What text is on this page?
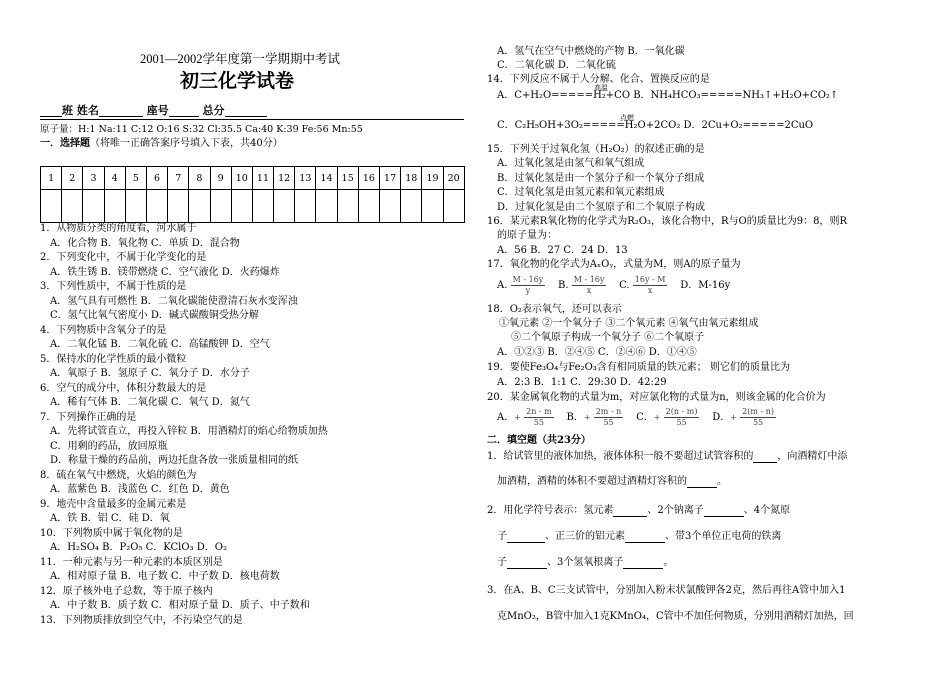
2001—2002学年度第一学期期中考试
初三化学试卷
班 姓名	座号	总分
原子量：H:1 Na:11 C:12 O:16 S:32 Cl:35.5 Ca:40 K:39 Fe:56 Mn:55
一．选择题（将唯一正确答案序号填入下表，共40分）
1	2	3	4	5	6	7	8	9	10	11	12	13	14	15	16	17	18	19	20

1．从物质分类的角度看，河水属于
A．化合物 B．氧化物 C．单质 D．混合物
2．下列变化中，不属于化学变化的是
A．铁生锈 B．镁带燃烧 C．空气液化 D．火药爆炸
3．下列性质中，不属于性质的是
A．氢气具有可燃性 B．二氧化碳能使澄清石灰水变浑浊
C．氢气比氧气密度小 D．碱式碳酸铜受热分解
4．下列物质中含氧分子的是
A．二氧化锰 B．二氧化硫 C．高锰酸钾 D．空气
5．保持水的化学性质的最小微粒
A．氧原子 B．氢原子 C．氧分子 D．水分子
6．空气的成分中，体积分数最大的是
A．稀有气体 B．二氧化碳 C．氧气 D．氮气
7．下列操作正确的是
A．先将试管直立，再投入锌粒 B．用酒精灯的焰心给物质加热
C．用剩的药品，放回原瓶
D．称量干燥的药品前，两边托盘各放一张质量相同的纸
8．硫在氧气中燃烧，火焰的颜色为
A．蓝紫色 B．浅蓝色 C．红色 D．黄色
9．地壳中含量最多的金属元素是
A．铁 B．铝 C．硅 D．氧
10．下列物质中属于氧化物的是
A．H₂SO₄ B．P₂O₅ C．KClO₃ D．O₂
11．一种元素与另一种元素的本质区别是
A．相对原子量 B．电子数 C．中子数 D．核电荷数
12．原子核外电子总数，等于原子核内
A．中子数 B．质子数 C．相对原子量 D．质子、中子数和
13．下列物质排放到空气中，不污染空气的是
A．氢气在空气中燃烧的产物 B．一氧化碳
C．二氧化碳 D．二氧化硫
14．下列反应不属于人分解、化合、置换反应的是
高温
A．C+H₂O=====H₂+CO B．NH₄HCO₃=====NH₃↑+H₂O+CO₂↑
点燃
C．C₂H₅OH+3O₂=====H₂O+2CO₂ D．2Cu+O₂=====2CuO
15．下列关于过氧化氢（H₂O₂）的叙述正确的是
A．过氧化氢是由氢气和氧气组成
B．过氧化氢是由一个氢分子和一个氧分子组成
C．过氧化氢是由氢元素和氧元素组成
D．过氧化氢是由二个氢原子和二个氧原子构成
16．某元素R氧化物的化学式为R₂O₃，该化合物中，R与O的质量比为9：8，则R
的原子量为：
A．56 B．27 C．24 D．13
17．氧化物的化学式为AₓOᵧ，式量为M，则A的原子量为
A. $\frac{M - 16y}{y} B$. $\frac{M - 16y}{x} C$. $\frac{16y - M}{x}$ D．M-16y
18．O₂表示氧气，还可以表示
①氧元素 ②一个氧分子 ③二个氧元素 ④氧气由氧元素组成
⑤二个氧原子构成一个氧分子 ⑥二个氧原子
A．①②③ B．②④⑤ C．②④⑥ D．①④⑤
19．要使Fe₃O₄与Fe₂O₃含有相同质量的铁元素； 则它们的质量比为
A．2:3 B．1:1 C．29:30 D．42:29
20．某金属氧化物的式量为m，对应氯化物的式量为n，则该金属的化合价为
A．+ $\frac{2n - m}{55}$ B．+ $\frac{2m - n}{55}$ C．+ $\frac{2(n - m)}{55}$ D．+ $\frac{2(m - n)}{55}$
二．填空题（共23分）
1．给试管里的液体加热，液体体积一般不要超过试管容积的 ，向酒精灯中添
加酒精，酒精的体积不要超过酒精灯容积的	。
2．用化学符号表示：氢元素	、2个钠离子	、4个氮原
子	、正三价的铝元素	、带3个单位正电荷的铁离
子	、3个氢氧根离子	。
3．在A、B、C三支试管中，分别加入粉末状氯酸钾各2克，然后再往A管中加入1
克MnO₂，B管中加入1克KMnO₄，C管中不加任何物质，分别用酒精灯加热，回
